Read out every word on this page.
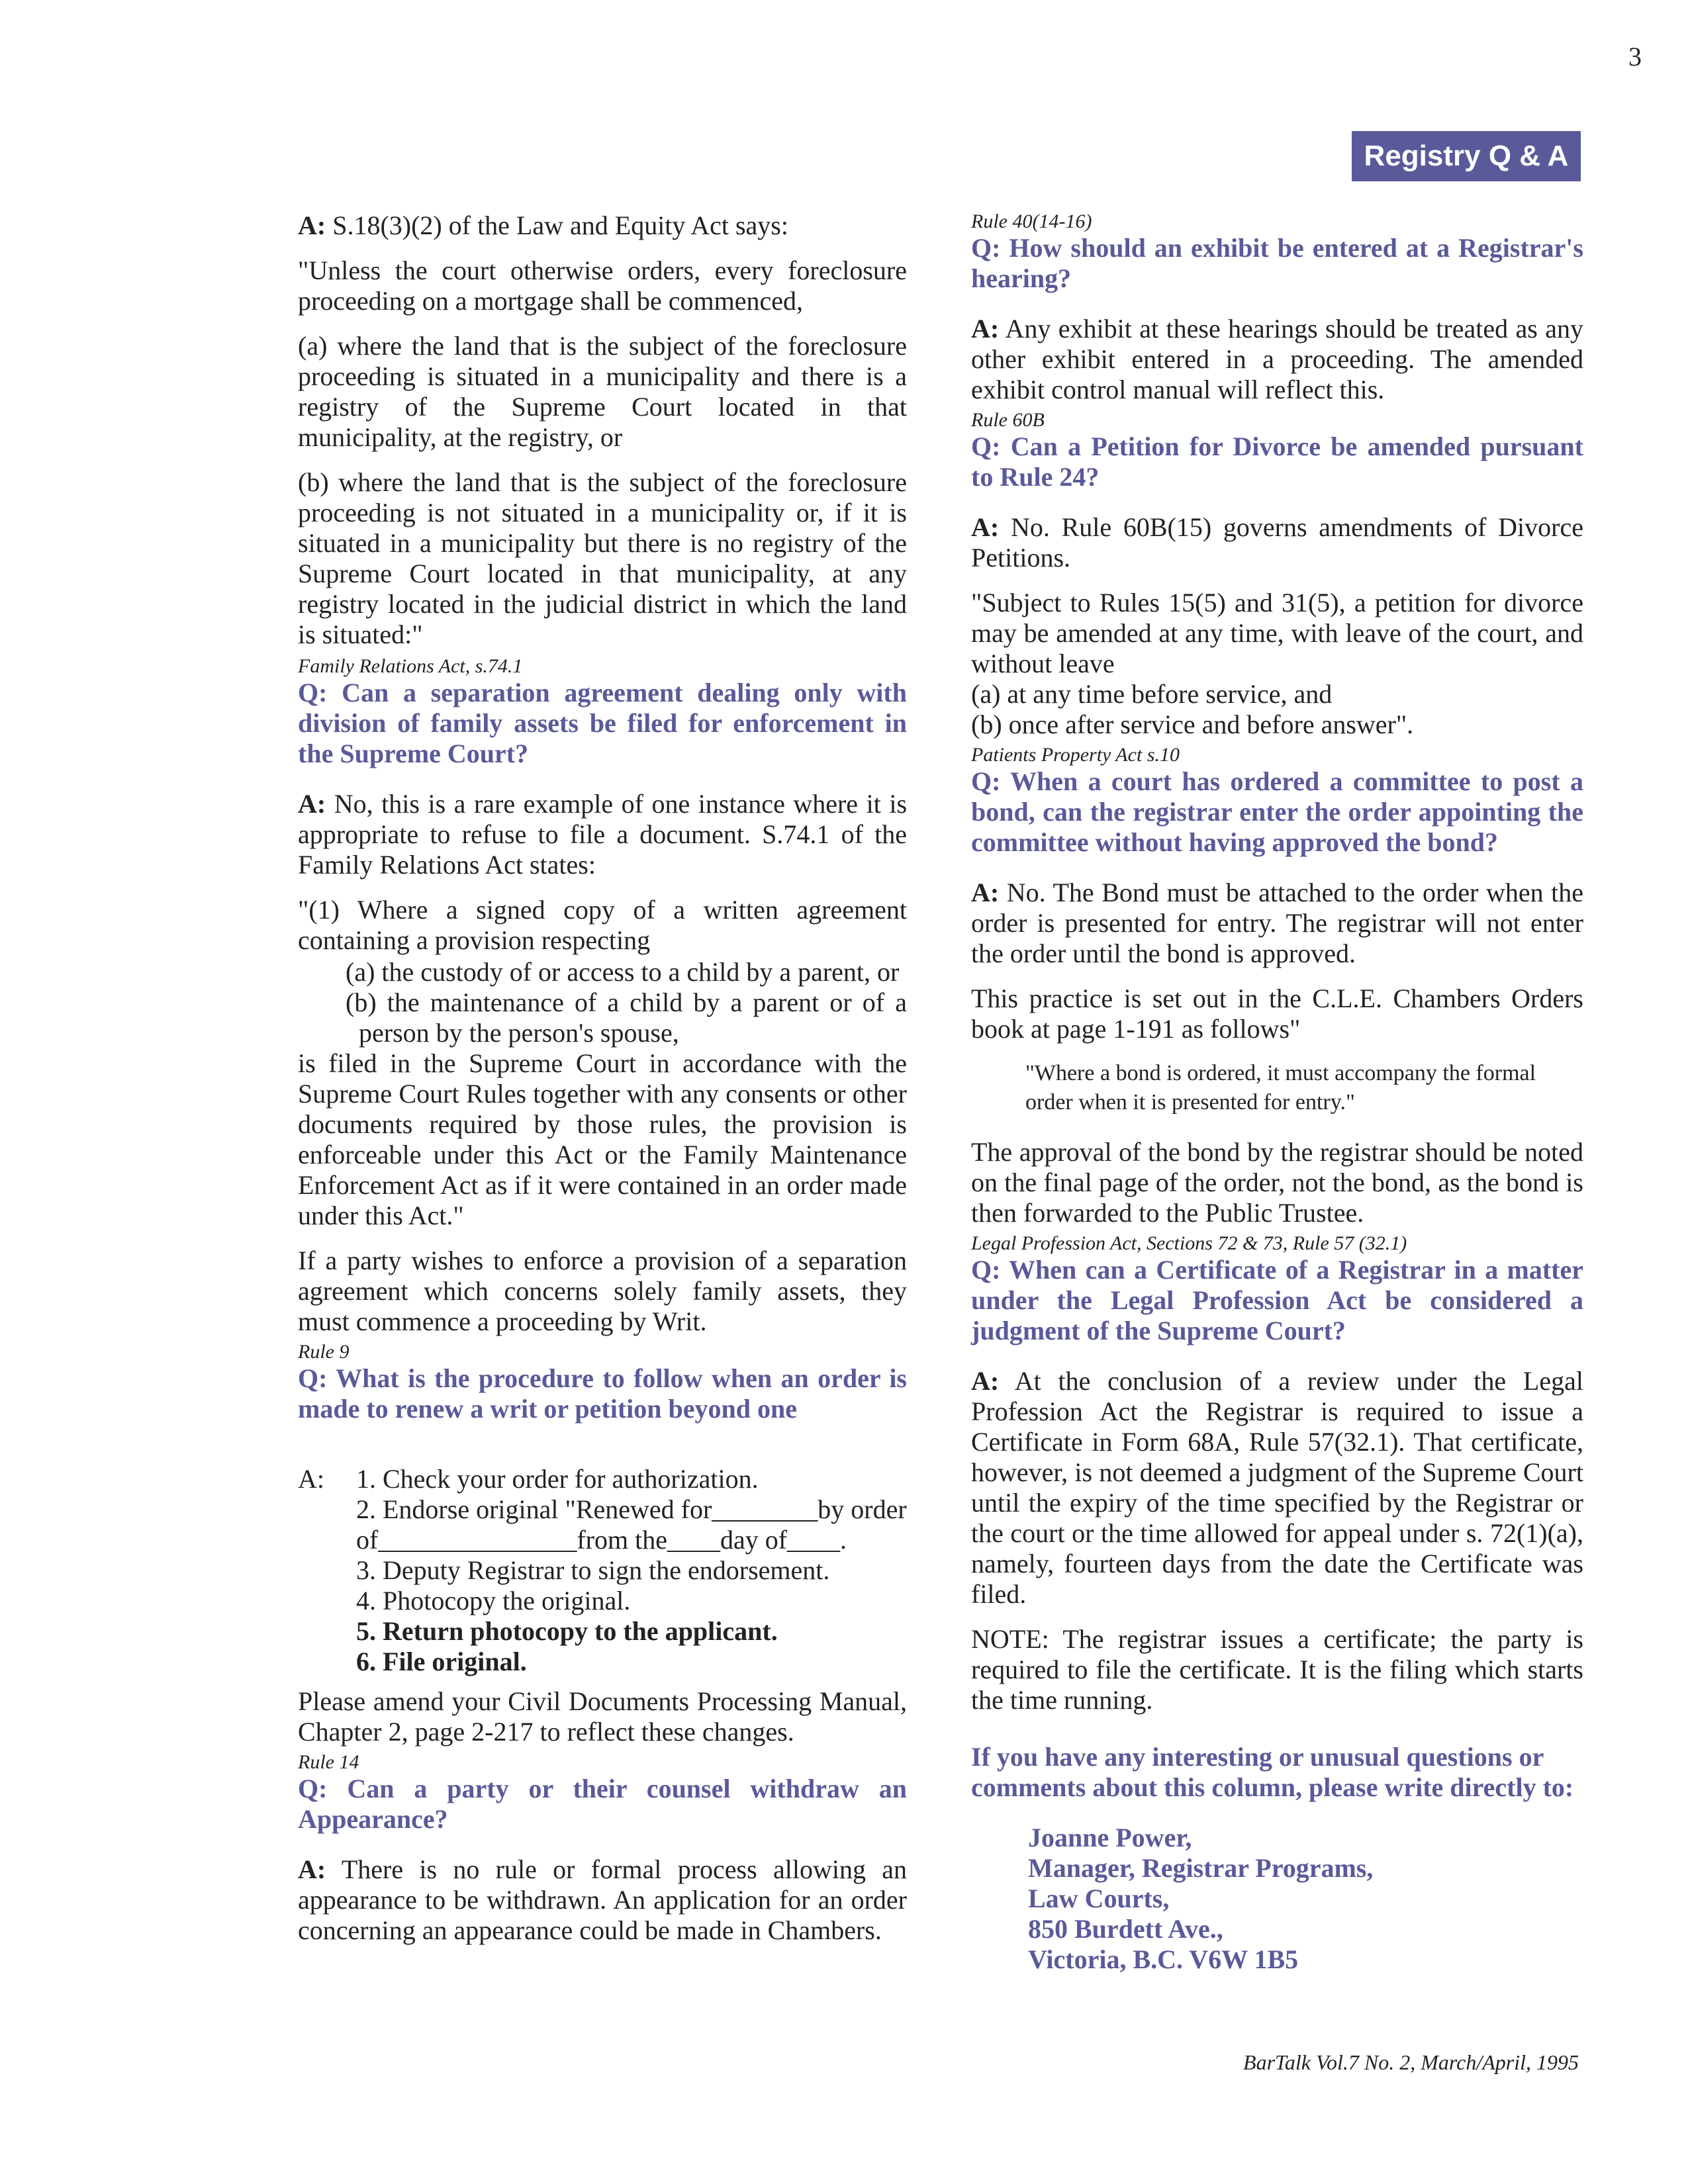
3
Registry Q & A

A: S.18(3)(2) of the Law and Equity Act says:

"Unless the court otherwise orders, every foreclosure proceeding on a mortgage shall be commenced,

(a) where the land that is the subject of the foreclosure proceeding is situated in a municipality and there is a registry of the Supreme Court located in that municipality, at the registry, or

(b) where the land that is the subject of the foreclosure proceeding is not situated in a municipality or, if it is situated in a municipality but there is no registry of the Supreme Court located in that municipality, at any registry located in the judicial district in which the land is situated:"

Family Relations Act, s.74.1
Q: Can a separation agreement dealing only with division of family assets be filed for enforcement in the Supreme Court?

A: No, this is a rare example of one instance where it is appropriate to refuse to file a document. S.74.1 of the Family Relations Act states:

"(1) Where a signed copy of a written agreement containing a provision respecting

(a) the custody of or access to a child by a parent, or

(b) the maintenance of a child by a parent or of a person by the person's spouse,

is filed in the Supreme Court in accordance with the Supreme Court Rules together with any consents or other documents required by those rules, the provision is enforceable under this Act or the Family Maintenance Enforcement Act as if it were contained in an order made under this Act."

If a party wishes to enforce a provision of a separation agreement which concerns solely family assets, they must commence a proceeding by Writ.

Rule 9
Q: What is the procedure to follow when an order is made to renew a writ or petition beyond one
A:	1. Check your order for authorization.
2. Endorse original "Renewed for________by order of_______________from the____day of____.
3. Deputy Registrar to sign the endorsement.
4. Photocopy the original.
5. Return photocopy to the applicant.
6. File original.

Please amend your Civil Documents Processing Manual, Chapter 2, page 2-217 to reflect these changes.

Rule 14
Q: Can a party or their counsel withdraw an Appearance?

A: There is no rule or formal process allowing an appearance to be withdrawn. An application for an order concerning an appearance could be made in Chambers.

Rule 40(14-16)
Q: How should an exhibit be entered at a Registrar's hearing?

A: Any exhibit at these hearings should be treated as any other exhibit entered in a proceeding. The amended exhibit control manual will reflect this.

Rule 60B
Q: Can a Petition for Divorce be amended pursuant to Rule 24?

A: No. Rule 60B(15) governs amendments of Divorce Petitions.

"Subject to Rules 15(5) and 31(5), a petition for divorce may be amended at any time, with leave of the court, and without leave

(a) at any time before service, and
(b) once after service and before answer".
Patients Property Act s.10
Q: When a court has ordered a committee to post a bond, can the registrar enter the order appointing the committee without having approved the bond?

A: No. The Bond must be attached to the order when the order is presented for entry. The registrar will not enter the order until the bond is approved.

This practice is set out in the C.L.E. Chambers Orders book at page 1-191 as follows"

"Where a bond is ordered, it must accompany the formal order when it is presented for entry."

The approval of the bond by the registrar should be noted on the final page of the order, not the bond, as the bond is then forwarded to the Public Trustee.

Legal Profession Act, Sections 72 & 73, Rule 57 (32.1)
Q: When can a Certificate of a Registrar in a matter under the Legal Profession Act be considered a judgment of the Supreme Court?

A: At the conclusion of a review under the Legal Profession Act the Registrar is required to issue a Certificate in Form 68A, Rule 57(32.1). That certificate, however, is not deemed a judgment of the Supreme Court until the expiry of the time specified by the Registrar or the court or the time allowed for appeal under s. 72(1)(a), namely, fourteen days from the date the Certificate was filed.

NOTE: The registrar issues a certificate; the party is required to file the certificate. It is the filing which starts the time running.

If you have any interesting or unusual questions or comments about this column, please write directly to:
Joanne Power,
Manager, Registrar Programs,
Law Courts,
850 Burdett Ave.,
Victoria, B.C. V6W 1B5
BarTalk Vol.7 No. 2, March/April, 1995
